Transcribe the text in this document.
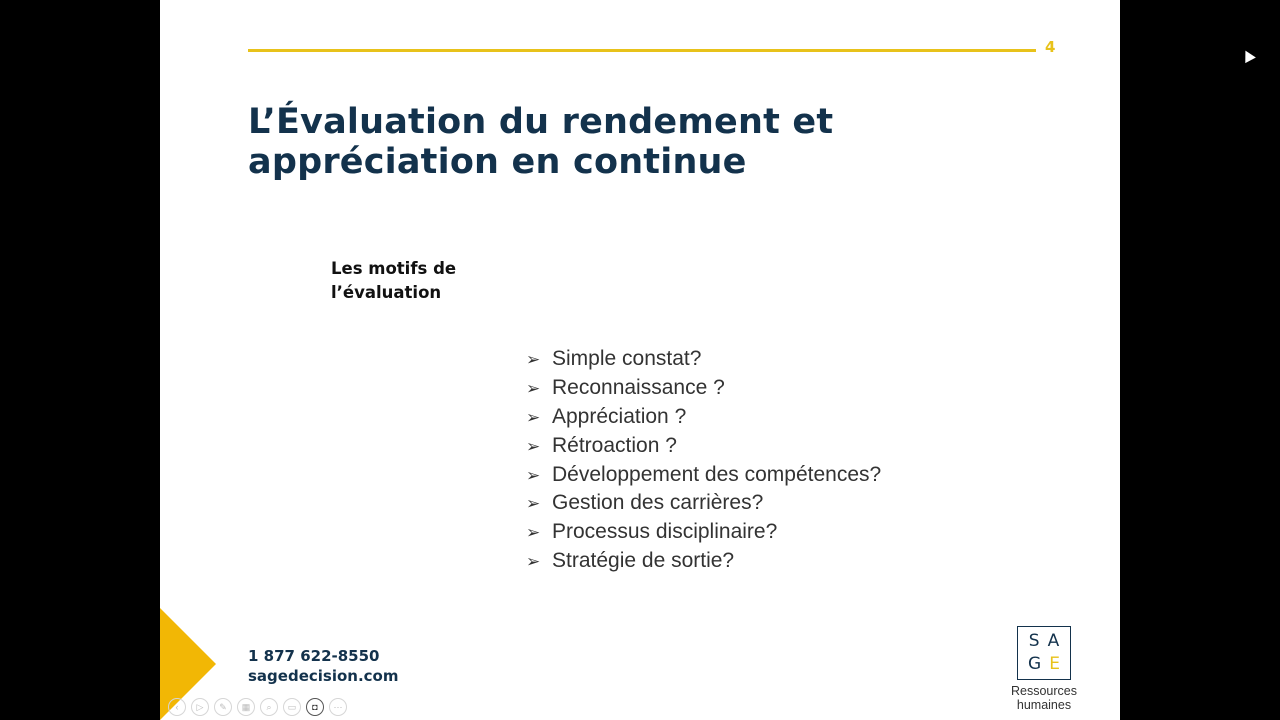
4
L’Évaluation du rendement et appréciation en continue
Les motifs de l’évaluation
➢ Simple constat?
➢ Reconnaissance ?
➢ Appréciation ?
➢ Rétroaction ?
➢ Développement des compétences?
➢ Gestion des carrières?
➢ Processus disciplinaire?
➢ Stratégie de sortie?
1 877 622-8550
sagedecision.com
S A
G E
Ressources
humaines
‹	▷	✎	▦	⌕	▭	◘	⋯
